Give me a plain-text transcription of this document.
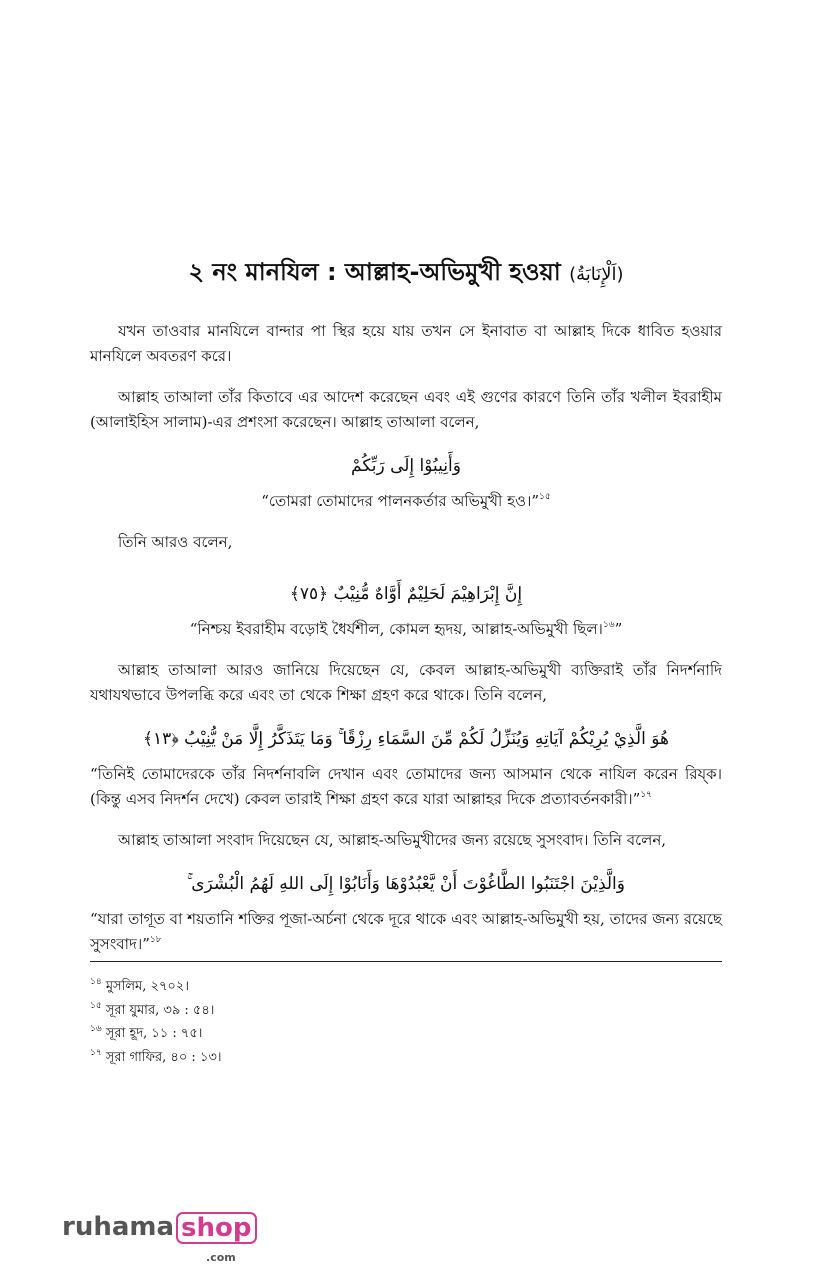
২ নং মানযিল : আল্লাহ-অভিমুখী হওয়া (اَلْإِنَابَةُ)

যখন তাওবার মানযিলে বান্দার পা স্থির হয়ে যায় তখন সে ইনাবাত বা আল্লাহ দিকে ধাবিত হওয়ার মানযিলে অবতরণ করে।

আল্লাহ তাআলা তাঁর কিতাবে এর আদেশ করেছেন এবং এই গুণের কারণে তিনি তাঁর খলীল ইবরাহীম (আলাইহিস সালাম)-এর প্রশংসা করেছেন। আল্লাহ তাআলা বলেন,

وَأَنِيبُوْا إِلَى رَبِّكُمْ

“তোমরা তোমাদের পালনকর্তার অভিমুখী হও।”$^{১৫}$

তিনি আরও বলেন,

إِنَّ إِبْرَاهِيْمَ لَحَلِيْمٌ أَوَّاهٌ مُّنِيْبٌ ﴿٧٥﴾

“নিশ্চয় ইবরাহীম বড়োই ধৈর্যশীল, কোমল হৃদয়, আল্লাহ-অভিমুখী ছিল।$^{১৬}$”

আল্লাহ তাআলা আরও জানিয়ে দিয়েছেন যে, কেবল আল্লাহ-অভিমুখী ব্যক্তিরাই তাঁর নিদর্শনাদি যথাযথভাবে উপলব্ধি করে এবং তা থেকে শিক্ষা গ্রহণ করে থাকে। তিনি বলেন,

هُوَ الَّذِيْ يُرِيْكُمْ آيَاتِهِ وَيُنَزِّلُ لَكُمْ مِّنَ السَّمَاءِ رِزْقًا ۚ وَمَا يَتَذَكَّرُ إِلَّا مَنْ يُّنِيْبُ ﴿١٣﴾

“তিনিই তোমাদেরকে তাঁর নিদর্শনাবলি দেখান এবং তোমাদের জন্য আসমান থেকে নাযিল করেন রিয্ক। (কিন্তু এসব নিদর্শন দেখে) কেবল তারাই শিক্ষা গ্রহণ করে যারা আল্লাহর দিকে প্রত্যাবর্তনকারী।”$^{১৭}$

আল্লাহ তাআলা সংবাদ দিয়েছেন যে, আল্লাহ-অভিমুখীদের জন্য রয়েছে সুসংবাদ। তিনি বলেন,

وَالَّذِيْنَ اجْتَنَبُوا الطَّاغُوْتَ أَنْ يَّعْبُدُوْهَا وَأَنَابُوْا إِلَى اللهِ لَهُمُ الْبُشْرَى ۚ

“যারা তাগূত বা শয়তানি শক্তির পূজা-অর্চনা থেকে দূরে থাকে এবং আল্লাহ-অভিমুখী হয়, তাদের জন্য রয়েছে সুসংবাদ।”$^{১৮}$

$^{১৪}$ মুসলিম, ২৭০২।
$^{১৫}$ সূরা যুমার, ৩৯ : ৫৪।
$^{১৬}$ সূরা হূদ, ১১ : ৭৫।
$^{১৭}$ সূরা গাফির, ৪০ : ১৩।
ruhama shop
.com
